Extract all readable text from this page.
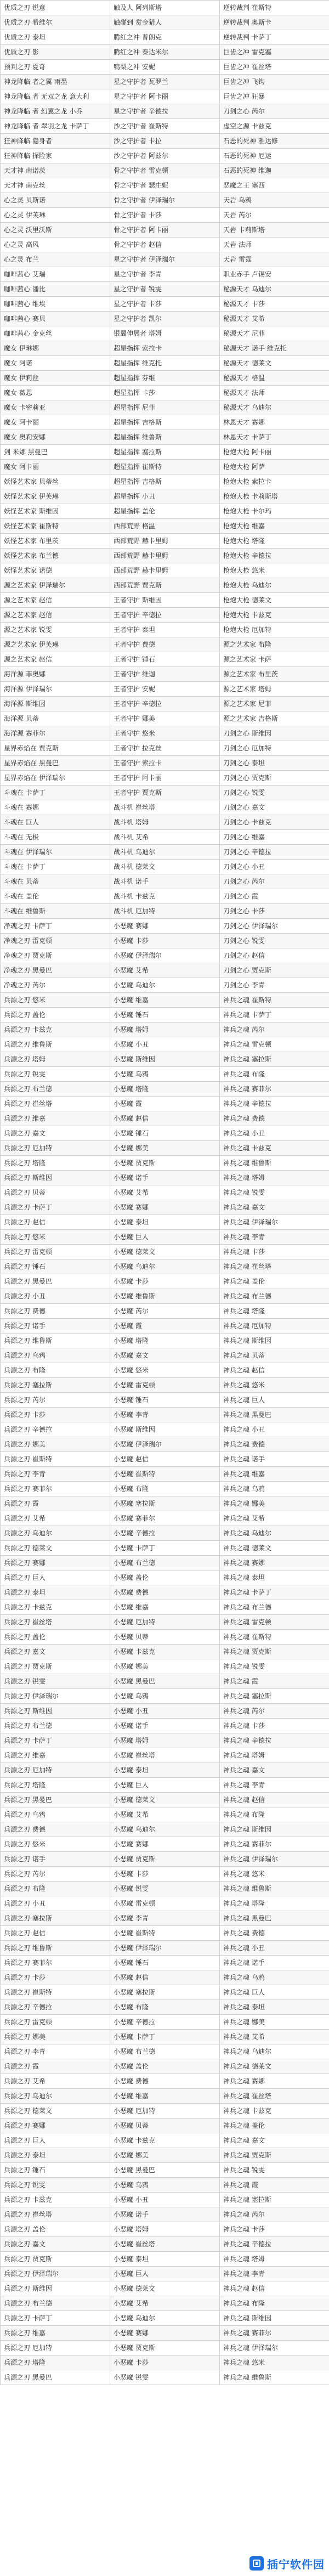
优质之刃 锐意	触及人 阿列斯塔	逆转裁判 崔斯特
优质之刃 希维尔	触碰到 赏金猎人	逆转裁判 奥斯卡
优质之刃 泰坦	腾红之冲 普朗克	逆转裁判 卡萨丁
优质之刃 影	腾红之冲 泰达米尔	巨齿之冲 雷克塞
预判之刃 夏奇	鸭梨之冲 安妮	巨齿之冲 崔丝塔
神龙降临 者之翼 雨墨	星之守护者 瓦罗兰	巨齿之冲 飞钩
神龙降临 者 无双之龙 意大利	星之守护者 阿卡丽	巨齿之冲 狂暴
神龙降临 者 幻翼之龙 小乔	星之守护者 辛德拉	刀剑之心 芮尔
神龙降临 者 翠羽之龙 卡萨丁	沙之守护者 崔斯特	虚空之源 卡兹克
狂神降临 隐身者	沙之守护者 卡拉	石恶的死神 雅达修
狂神降临 探险家	沙之守护者 阿兹尔	石恶的死神 厄运
天才神 南诺茨	骨之守护者 雷克顿	石恶的死神 维迦
天才神 南克丝	骨之守护者 瑟庄妮	恶魔之王 塞西
心之灵 贝斯诺	骨之守护者 伊泽瑞尔	天岩 乌鸦
心之灵 伊芙琳	骨之守护者 卡莎	天岩 芮尔
心之灵 沃里沃斯	骨之守护者 阿卡丽	天岩 卡莉斯塔
心之灵 高风	骨之守护者 赵信	天岩 法师
心之灵 布兰	星之守护者 伊泽瑞尔	天岩 雷霆
咖啡茜心 艾瑞	星之守护者 李青	职业赤手 卢锡安
咖啡茜心 潘比	星之守护者 锐雯	秘源天才 乌迪尔
咖啡茜心 维埃	星之守护者 卡莎	秘源天才 卡莎
咖啡茜心 赛贝	星之守护者 凯尔	秘源天才 艾希
咖啡茜心 金克丝	银翼伸展者 塔姆	秘源天才 尼菲
魔女 伊琳娜	超星指挥 索拉卡	秘源天才 诺手 维克托
魔女 阿诺	超星指挥 维克托	秘源天才 德莱文
魔女 伊莉丝	超星指挥 芬维	秘源天才 格温
魔女 薇恩	超星指挥 卡莎	秘源天才 法师
魔女 卡密莉亚	超星指挥 尼菲	秘源天才 乌迪尔
魔女 阿卡丽	超星指挥 吉格斯	林恩天才 赛娜
魔女 奥莉安娜	超星指挥 维鲁斯	林恩天才 卡萨丁
剑 米娜 黑曼巴	超星指挥 塞拉斯	枪炮大枪 阿卡丽
魔女 阿卡丽	超星指挥 崔斯特	枪炮大枪 阿萨
妖怪艺术家 贝蒂丝	超星指挥 吉格斯	枪炮大枪 索拉卡
妖怪艺术家 伊芙琳	超星指挥 小丑	枪炮大枪 卡莉斯塔
妖怪艺术家 斯维因	超星指挥 盖伦	枪炮大枪 卡尔玛
妖怪艺术家 崔斯特	西部荒野 格温	枪炮大枪 维嘉
妖怪艺术家 布里茨	西部荒野 赫卡里姆	枪炮大枪 塔隆
妖怪艺术家 布兰德	西部荒野 赫卡里姆	枪炮大枪 辛德拉
妖怪艺术家 诺德	西部荒野 赫卡里姆	枪炮大枪 悠米
源之艺术家 伊泽瑞尔	西部荒野 贾克斯	枪炮大枪 乌迪尔
源之艺术家 赵信	王者守护 斯维因	枪炮大枪 德莱文
源之艺术家 赵信	王者守护 辛德拉	枪炮大枪 卡兹克
源之艺术家 锐雯	王者守护 泰坦	枪炮大枪 厄加特
源之艺术家 伊芙琳	王者守护 费德	源之艺术家 布隆
源之艺术家 赵信	王者守护 锤石	源之艺术家 卡萨
海洋源 菲奥娜	王者守护 维迦	源之艺术家 布里茨
海洋源 伊泽瑞尔	王者守护 安妮	源之艺术家 塔姆
海洋源 斯维因	王者守护 辛德拉	源之艺术家 尼菲
海洋源 贝蒂	王者守护 娜美	源之艺术家 吉格斯
海洋源 赛菲尔	王者守护 悠米	刀剑之心 斯维因
星界赤焰在 贾克斯	王者守护 拉克丝	刀剑之心 厄加特
星界赤焰在 黑曼巴	王者守护 索拉卡	刀剑之心 泰坦
星界赤焰在 伊泽瑞尔	王者守护 阿卡丽	刀剑之心 贾克斯
斗魂在 卡萨丁	王者守护 贾克斯	刀剑之心 锐雯
斗魂在 赛娜	战斗机 崔丝塔	刀剑之心 嘉文
斗魂在 巨人	战斗机 塔姆	刀剑之心 卡兹克
斗魂在 无极	战斗机 艾希	刀剑之心 维嘉
斗魂在 伊泽瑞尔	战斗机 乌迪尔	刀剑之心 辛德拉
斗魂在 卡萨丁	战斗机 德莱文	刀剑之心 小丑
斗魂在 贝蒂	战斗机 诺手	刀剑之心 芮尔
斗魂在 盖伦	战斗机 卡兹克	刀剑之心 霞
斗魂在 维鲁斯	战斗机 厄加特	刀剑之心 卡莎
净魂之刃 卡萨丁	小恶魔 赛娜	刀剑之心 伊泽瑞尔
净魂之刃 雷克顿	小恶魔 卡莎	刀剑之心 锐雯
净魂之刃 贾克斯	小恶魔 伊泽瑞尔	刀剑之心 赵信
净魂之刃 黑曼巴	小恶魔 艾希	刀剑之心 贾克斯
净魂之刃 芮尔	小恶魔 乌迪尔	刀剑之心 李青
兵源之刃 悠米	小恶魔 维嘉	神兵之魂 崔斯特
兵源之刃 盖伦	小恶魔 锤石	神兵之魂 卡萨丁
兵源之刃 卡兹克	小恶魔 塔姆	神兵之魂 芮尔
兵源之刃 维鲁斯	小恶魔 小丑	神兵之魂 雷克顿
兵源之刃 塔姆	小恶魔 斯维因	神兵之魂 塞拉斯
兵源之刃 锐雯	小恶魔 乌鸦	神兵之魂 布隆
兵源之刃 布兰德	小恶魔 塔隆	神兵之魂 赛菲尔
兵源之刃 崔丝塔	小恶魔 霞	神兵之魂 辛德拉
兵源之刃 维嘉	小恶魔 赵信	神兵之魂 费德
兵源之刃 嘉文	小恶魔 锤石	神兵之魂 小丑
兵源之刃 厄加特	小恶魔 娜美	神兵之魂 卡兹克
兵源之刃 塔隆	小恶魔 贾克斯	神兵之魂 维鲁斯
兵源之刃 斯维因	小恶魔 诺手	神兵之魂 塔姆
兵源之刃 贝蒂	小恶魔 艾希	神兵之魂 锐雯
兵源之刃 卡萨丁	小恶魔 赛娜	神兵之魂 嘉文
兵源之刃 赵信	小恶魔 泰坦	神兵之魂 伊泽瑞尔
兵源之刃 悠米	小恶魔 巨人	神兵之魂 李青
兵源之刃 雷克顿	小恶魔 德莱文	神兵之魂 卡莎
兵源之刃 锤石	小恶魔 乌迪尔	神兵之魂 崔丝塔
兵源之刃 黑曼巴	小恶魔 卡莎	神兵之魂 盖伦
兵源之刃 小丑	小恶魔 维鲁斯	神兵之魂 布兰德
兵源之刃 费德	小恶魔 芮尔	神兵之魂 塔隆
兵源之刃 诺手	小恶魔 霞	神兵之魂 厄加特
兵源之刃 维鲁斯	小恶魔 塔隆	神兵之魂 斯维因
兵源之刃 乌鸦	小恶魔 嘉文	神兵之魂 贝蒂
兵源之刃 布隆	小恶魔 悠米	神兵之魂 赵信
兵源之刃 塞拉斯	小恶魔 雷克顿	神兵之魂 悠米
兵源之刃 芮尔	小恶魔 锤石	神兵之魂 巨人
兵源之刃 卡莎	小恶魔 李青	神兵之魂 黑曼巴
兵源之刃 辛德拉	小恶魔 斯维因	神兵之魂 小丑
兵源之刃 娜美	小恶魔 伊泽瑞尔	神兵之魂 费德
兵源之刃 崔斯特	小恶魔 赵信	神兵之魂 诺手
兵源之刃 李青	小恶魔 崔斯特	神兵之魂 维嘉
兵源之刃 赛菲尔	小恶魔 布隆	神兵之魂 乌鸦
兵源之刃 霞	小恶魔 塞拉斯	神兵之魂 娜美
兵源之刃 艾希	小恶魔 赛菲尔	神兵之魂 艾希
兵源之刃 乌迪尔	小恶魔 辛德拉	神兵之魂 乌迪尔
兵源之刃 德莱文	小恶魔 卡萨丁	神兵之魂 德莱文
兵源之刃 赛娜	小恶魔 布兰德	神兵之魂 赛娜
兵源之刃 巨人	小恶魔 盖伦	神兵之魂 泰坦
兵源之刃 泰坦	小恶魔 费德	神兵之魂 卡萨丁
兵源之刃 卡兹克	小恶魔 维嘉	神兵之魂 布兰德
兵源之刃 崔丝塔	小恶魔 厄加特	神兵之魂 雷克顿
兵源之刃 盖伦	小恶魔 贝蒂	神兵之魂 崔斯特
兵源之刃 嘉文	小恶魔 卡兹克	神兵之魂 贾克斯
兵源之刃 贾克斯	小恶魔 娜美	神兵之魂 锐雯
兵源之刃 锐雯	小恶魔 黑曼巴	神兵之魂 霞
兵源之刃 伊泽瑞尔	小恶魔 乌鸦	神兵之魂 塞拉斯
兵源之刃 斯维因	小恶魔 小丑	神兵之魂 芮尔
兵源之刃 布兰德	小恶魔 诺手	神兵之魂 卡莎
兵源之刃 卡萨丁	小恶魔 塔姆	神兵之魂 辛德拉
兵源之刃 维嘉	小恶魔 崔丝塔	神兵之魂 塔姆
兵源之刃 厄加特	小恶魔 泰坦	神兵之魂 嘉文
兵源之刃 塔隆	小恶魔 巨人	神兵之魂 李青
兵源之刃 黑曼巴	小恶魔 德莱文	神兵之魂 赵信
兵源之刃 乌鸦	小恶魔 艾希	神兵之魂 布隆
兵源之刃 费德	小恶魔 乌迪尔	神兵之魂 斯维因
兵源之刃 悠米	小恶魔 赛娜	神兵之魂 赛菲尔
兵源之刃 诺手	小恶魔 贾克斯	神兵之魂 伊泽瑞尔
兵源之刃 芮尔	小恶魔 卡莎	神兵之魂 悠米
兵源之刃 布隆	小恶魔 锐雯	神兵之魂 维鲁斯
兵源之刃 小丑	小恶魔 雷克顿	神兵之魂 塔隆
兵源之刃 塞拉斯	小恶魔 李青	神兵之魂 黑曼巴
兵源之刃 赵信	小恶魔 崔斯特	神兵之魂 费德
兵源之刃 维鲁斯	小恶魔 伊泽瑞尔	神兵之魂 小丑
兵源之刃 赛菲尔	小恶魔 锤石	神兵之魂 诺手
兵源之刃 卡莎	小恶魔 赵信	神兵之魂 乌鸦
兵源之刃 崔斯特	小恶魔 塞拉斯	神兵之魂 巨人
兵源之刃 辛德拉	小恶魔 布隆	神兵之魂 泰坦
兵源之刃 雷克顿	小恶魔 辛德拉	神兵之魂 娜美
兵源之刃 娜美	小恶魔 卡萨丁	神兵之魂 艾希
兵源之刃 李青	小恶魔 布兰德	神兵之魂 乌迪尔
兵源之刃 霞	小恶魔 盖伦	神兵之魂 德莱文
兵源之刃 艾希	小恶魔 费德	神兵之魂 赛娜
兵源之刃 乌迪尔	小恶魔 维嘉	神兵之魂 崔丝塔
兵源之刃 德莱文	小恶魔 厄加特	神兵之魂 卡兹克
兵源之刃 赛娜	小恶魔 贝蒂	神兵之魂 盖伦
兵源之刃 巨人	小恶魔 卡兹克	神兵之魂 嘉文
兵源之刃 泰坦	小恶魔 娜美	神兵之魂 贾克斯
兵源之刃 锤石	小恶魔 黑曼巴	神兵之魂 锐雯
兵源之刃 锐雯	小恶魔 乌鸦	神兵之魂 霞
兵源之刃 卡兹克	小恶魔 小丑	神兵之魂 塞拉斯
兵源之刃 崔丝塔	小恶魔 诺手	神兵之魂 芮尔
兵源之刃 盖伦	小恶魔 塔姆	神兵之魂 卡莎
兵源之刃 嘉文	小恶魔 崔丝塔	神兵之魂 辛德拉
兵源之刃 贾克斯	小恶魔 泰坦	神兵之魂 塔姆
兵源之刃 伊泽瑞尔	小恶魔 巨人	神兵之魂 李青
兵源之刃 斯维因	小恶魔 德莱文	神兵之魂 赵信
兵源之刃 布兰德	小恶魔 艾希	神兵之魂 布隆
兵源之刃 卡萨丁	小恶魔 乌迪尔	神兵之魂 斯维因
兵源之刃 维嘉	小恶魔 赛娜	神兵之魂 赛菲尔
兵源之刃 厄加特	小恶魔 贾克斯	神兵之魂 伊泽瑞尔
兵源之刃 塔隆	小恶魔 卡莎	神兵之魂 悠米
兵源之刃 黑曼巴	小恶魔 锐雯	神兵之魂 维鲁斯
插宁软件园
